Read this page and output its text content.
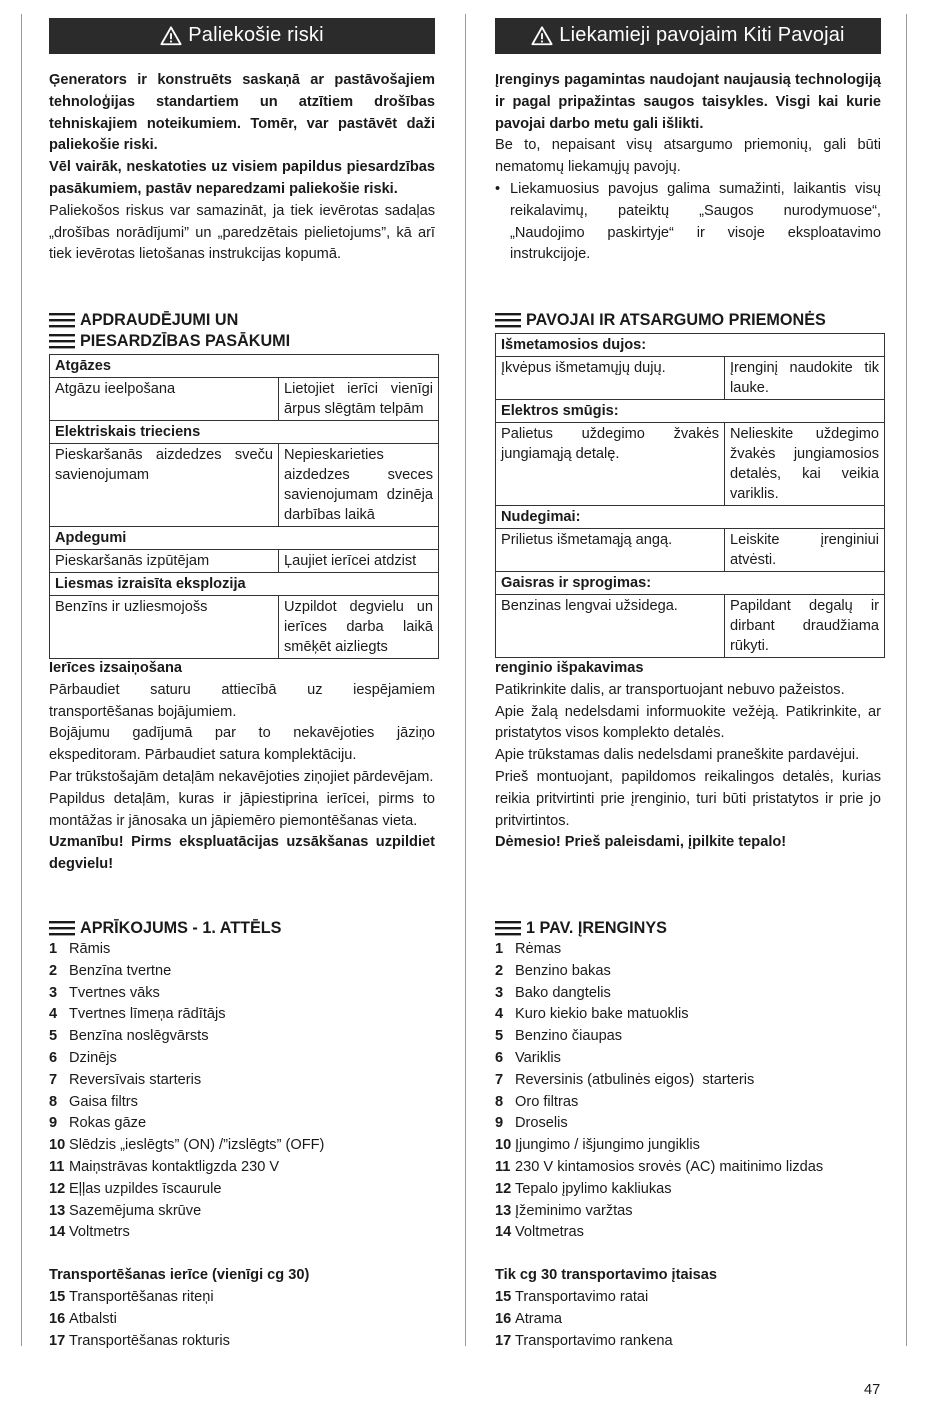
Paliekošie riski

Ģenerators ir konstruēts saskaņā ar pastāvošajiem tehnoloģijas standartiem un atzītiem drošības tehniskajiem noteikumiem. Tomēr, var pastāvēt daži paliekošie riski.
Vēl vairāk, neskatoties uz visiem papildus piesardzības pasākumiem, pastāv neparedzami paliekošie riski.

Paliekošos riskus var samazināt, ja tiek ievērotas sadaļas „drošības norādījumi” un „paredzētais pielietojums”, kā arī tiek ievērotas lietošanas instrukcijas kopumā.

APDRAUDĒJUMI UN
PIESARDZĪBAS PASĀKUMI
Atgāzes	
Atgāzu ieelpošana	Lietojiet ierīci vienīgi ārpus slēgtām telpām
Elektriskais trieciens	
Pieskaršanās aizdedzes sveču savienojumam	Nepieskarieties aizdedzes sveces savienojumam dzinēja darbības laikā
Apdegumi	
Pieskaršanās izpūtējam	Ļaujiet ierīcei atdzist
Liesmas izraisīta eksplozija	
Benzīns ir uzliesmojošs	Uzpildot degvielu un ierīces darba laikā smēķēt aizliegts

Ierīces izsaiņošana

Pārbaudiet saturu attiecībā uz iespējamiem transportēšanas bojājumiem.

Bojājumu gadījumā par to nekavējoties jāziņo ekspeditoram. Pārbaudiet satura komplektāciju.

Par trūkstošajām detaļām nekavējoties ziņojiet pārdevējam.

Papildus detaļām, kuras ir jāpiestiprina ierīcei, pirms to montāžas ir jānosaka un jāpiemēro piemontēšanas vieta.

Uzmanību! Pirms ekspluatācijas uzsākšanas uzpildiet degvielu!

APRĪKOJUMS - 1. ATTĒLS
1 Rāmis
2 Benzīna tvertne
3 Tvertnes vāks
4 Tvertnes līmeņa rādītājs
5 Benzīna noslēgvārsts
6 Dzinējs
7 Reversīvais starteris
8 Gaisa filtrs
9 Rokas gāze
10 Slēdzis „ieslēgts” (ON) /”izslēgts” (OFF)
11 Maiņstrāvas kontaktligzda 230 V
12 Eļļas uzpildes īscaurule
13 Sazemējuma skrūve
14 Voltmetrs

Transportēšanas ierīce (vienīgi cg 30)

15 Transportēšanas riteņi
16 Atbalsti
17 Transportēšanas rokturis
Liekamieji pavojaim Kiti Pavojai

Įrenginys pagamintas naudojant naujausią technologiją ir pagal pripažintas saugos taisykles. Visgi kai kurie pavojai darbo metu gali išlikti.

Be to, nepaisant visų atsargumo priemonių, gali būti nematomų liekamųjų pavojų.

• Liekamuosius pavojus galima sumažinti, laikantis visų reikalavimų, pateiktų „Saugos nurodymuose“, „Naudojimo paskirtyje“ ir visoje eksploatavimo instrukcijoje.
PAVOJAI IR ATSARGUMO PRIEMONĖS
Išmetamosios dujos:	
Įkvėpus išmetamųjų dujų.	Įrenginį naudokite tik lauke.
Elektros smūgis:	
Palietus uždegimo žvakės jungiamąją detalę.	Nelieskite uždegimo žvakės jungiamosios detalės, kai veikia variklis.
Nudegimai:	
Prilietus išmetamąją angą.	Leiskite įrenginiui atvėsti.
Gaisras ir sprogimas:	
Benzinas lengvai užsidega.	Papildant degalų ir dirbant draudžiama rūkyti.

renginio išpakavimas

Patikrinkite dalis, ar transportuojant nebuvo pažeistos.

Apie žalą nedelsdami informuokite vežėją. Patikrinkite, ar pristatytos visos komplekto detalės.

Apie trūkstamas dalis nedelsdami praneškite pardavėjui.

Prieš montuojant, papildomos reikalingos detalės, kurias reikia pritvirtinti prie įrenginio, turi būti pristatytos ir prie jo pritvirtintos.

Dėmesio! Prieš paleisdami, įpilkite tepalo!

1 PAV. ĮRENGINYS
1 Rėmas
2 Benzino bakas
3 Bako dangtelis
4 Kuro kiekio bake matuoklis
5 Benzino čiaupas
6 Variklis
7 Reversinis (atbulinės eigos)  starteris
8 Oro filtras
9 Droselis
10 Įjungimo / išjungimo jungiklis
11 230 V kintamosios srovės (AC) maitinimo lizdas
12 Tepalo įpylimo kakliukas
13 Įžeminimo varžtas
14 Voltmetras

Tik cg 30 transportavimo įtaisas

15 Transportavimo ratai
16 Atrama
17 Transportavimo rankena
47
